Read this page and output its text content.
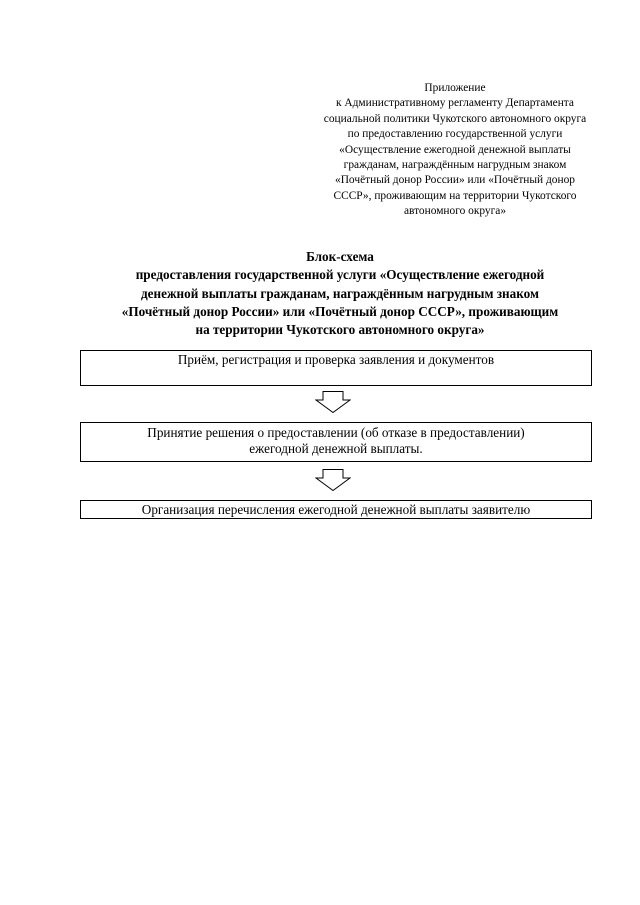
Приложение
к Административному регламенту Департамента
социальной политики Чукотского автономного округа
по предоставлению государственной услуги
«Осуществление ежегодной денежной выплаты
гражданам, награждённым нагрудным знаком
«Почётный донор России» или «Почётный донор
СССР», проживающим на территории Чукотского
автономного округа»
Блок-схема
предоставления государственной услуги «Осуществление ежегодной
денежной выплаты гражданам, награждённым нагрудным знаком
«Почётный донор России» или «Почётный донор СССР», проживающим
на территории Чукотского автономного округа»
Приём, регистрация и проверка заявления и документов
Принятие решения о предоставлении (об отказе в предоставлении)
ежегодной денежной выплаты.
Организация перечисления ежегодной денежной выплаты заявителю
